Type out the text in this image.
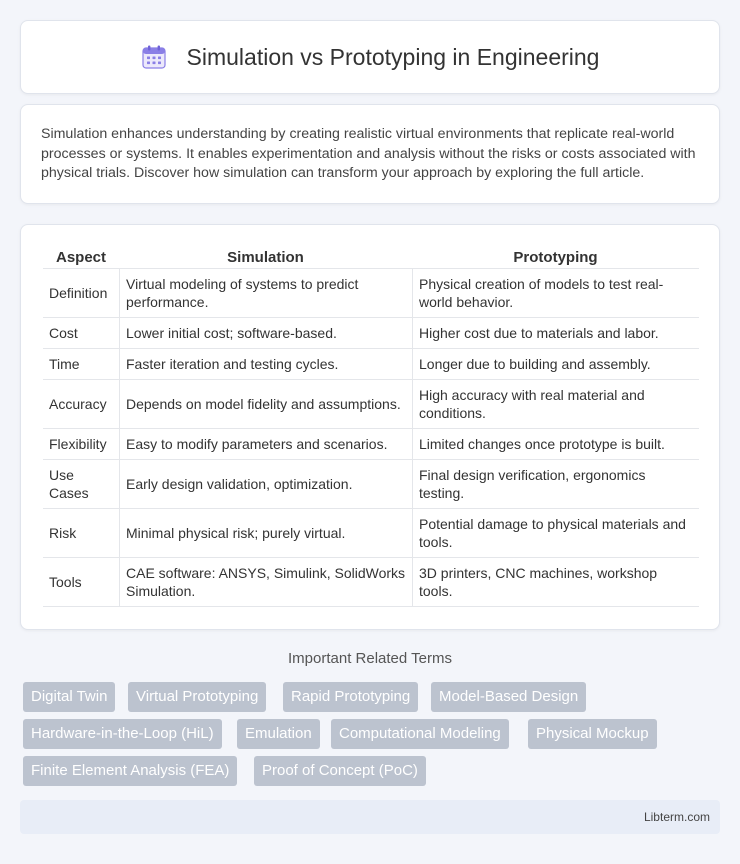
Simulation vs Prototyping in Engineering

Simulation enhances understanding by creating realistic virtual environments that replicate real-world processes or systems. It enables experimentation and analysis without the risks or costs associated with physical trials. Discover how simulation can transform your approach by exploring the full article.

Aspect	Simulation	Prototyping
Definition	Virtual modeling of systems to predict performance.	Physical creation of models to test real-world behavior.
Cost	Lower initial cost; software-based.	Higher cost due to materials and labor.
Time	Faster iteration and testing cycles.	Longer due to building and assembly.
Accuracy	Depends on model fidelity and assumptions.	High accuracy with real material and conditions.
Flexibility	Easy to modify parameters and scenarios.	Limited changes once prototype is built.
Use Cases	Early design validation, optimization.	Final design verification, ergonomics testing.
Risk	Minimal physical risk; purely virtual.	Potential damage to physical materials and tools.
Tools	CAE software: ANSYS, Simulink, SolidWorks Simulation.	3D printers, CNC machines, workshop tools.
Important Related Terms
Digital Twin	Virtual Prototyping	Rapid Prototyping	Model-Based Design
Hardware-in-the-Loop (HiL)	Emulation	Computational Modeling	Physical Mockup
Finite Element Analysis (FEA)	Proof of Concept (PoC)
Libterm.com
